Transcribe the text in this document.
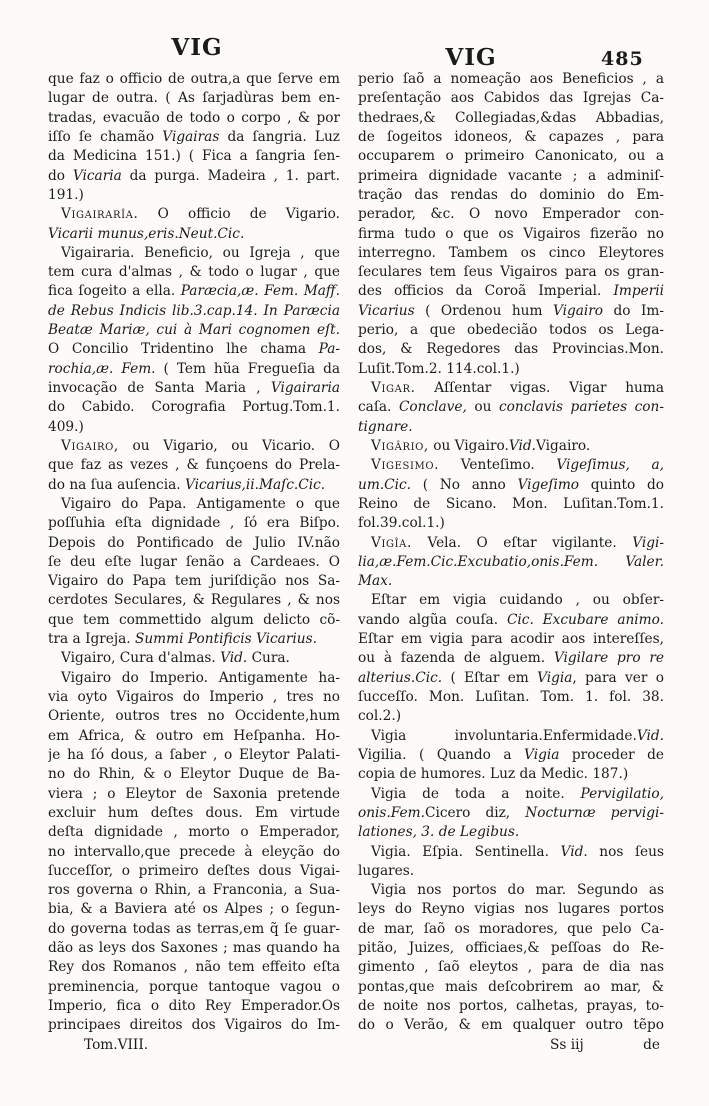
VIG	VIG	485
que faz o officio de outra,a que ſerve em
lugar de outra. ( As ſarjadùras bem en-
tradas, evacuão de todo o corpo , & por
iſſo ſe chamão Vigairas da ſangria. Luz
da Medicina 151.) ( Fica a ſangria ſen-
do Vicaria da purga. Madeira , 1. part.
191.)
Vigairarîa. O officio de Vigario.
Vicarii munus,eris.Neut.Cic.
Vigairaria. Beneficio, ou Igreja , que
tem cura d'almas , & todo o lugar , que
fica ſogeito a ella. Paræcia,æ. Fem. Maff.
de Rebus Indicis lib.3.cap.14. In Paræcia
Beatæ Mariæ, cui à Mari cognomen eſt.
O Concilio Tridentino lhe chama Pa-
rochia,æ. Fem. ( Tem hũa Fregueſia da
invocação de Santa Maria , Vigairaria
do Cabido. Corografia Portug.Tom.1.
409.)
Vigairo, ou Vigario, ou Vicario. O
que faz as vezes , & funçoens do Prela-
do na ſua auſencia. Vicarius,ii.Maſc.Cic.
Vigairo do Papa. Antigamente o que
poſſuhia eſta dignidade , ſó era Biſpo.
Depois do Pontificado de Julio IV.não
ſe deu eſte lugar ſenão a Cardeaes. O
Vigairo do Papa tem juriſdição nos Sa-
cerdotes Seculares, & Regulares , & nos
que tem commettido algum delicto cõ-
tra a Igreja. Summi Pontificis Vicarius.
Vigairo, Cura d'almas. Vid. Cura.
Vigairo do Imperio. Antigamente ha-
via oyto Vigairos do Imperio , tres no
Oriente, outros tres no Occidente,hum
em Africa, & outro em Heſpanha. Ho-
je ha ſó dous, a ſaber , o Eleytor Palati-
no do Rhin, & o Eleytor Duque de Ba-
viera ; o Eleytor de Saxonia pretende
excluir hum deſtes dous. Em virtude
deſta dignidade , morto o Emperador,
no intervallo,que precede à eleyção do
ſucceſſor, o primeiro deſtes dous Vigai-
ros governa o Rhin, a Franconia, a Sua-
bia, & a Baviera até os Alpes ; o ſegun-
do governa todas as terras,em q̃ ſe guar-
dão as leys dos Saxones ; mas quando ha
Rey dos Romanos , não tem effeito eſta
preminencia, porque tantoque vagou o
Imperio, fica o dito Rey Emperador.Os
principaes direitos dos Vigairos do Im-
Tom.VIII.
perio ſaõ a nomeação aos Beneficios , a
preſentação aos Cabidos das Igrejas Ca-
thedraes,& Collegiadas,&das Abbadias,
de ſogeitos idoneos, & capazes , para
occuparem o primeiro Canonicato, ou a
primeira dignidade vacante ; a adminiſ-
tração das rendas do dominio do Em-
perador, &c. O novo Emperador con-
firma tudo o que os Vigairos fizerão no
interregno. Tambem os cinco Eleytores
ſeculares tem ſeus Vigairos para os gran-
des officios da Coroã Imperial. Imperii
Vicarius ( Ordenou hum Vigairo do Im-
perio, a que obedecião todos os Lega-
dos, & Regedores das Provincias.Mon.
Luſit.Tom.2. 114.col.1.)
Vigar. Aſſentar vigas. Vigar huma
caſa. Conclave, ou conclavis parietes con-
tignare.
Vigârio, ou Vigairo.Vid.Vigairo.
Vigesimo. Venteſimo. Vigeſimus, a,
um.Cic. ( No anno Vigeſimo quinto do
Reino de Sicano. Mon. Luſitan.Tom.1.
fol.39.col.1.)
Vigîa. Vela. O eſtar vigilante. Vigi-
lia,æ.Fem.Cic.Excubatio,onis.Fem. Valer.
Max.
Eſtar em vigia cuidando , ou obſer-
vando algũa couſa. Cic. Excubare animo.
Eſtar em vigia para acodir aos intereſſes,
ou à fazenda de alguem. Vigilare pro re
alterius.Cic. ( Eſtar em Vigia, para ver o
ſucceſſo. Mon. Luſitan. Tom. 1. fol. 38.
col.2.)
Vigia involuntaria.Enfermidade.Vid.
Vigilia. ( Quando a Vigia proceder de
copia de humores. Luz da Medic. 187.)
Vigia de toda a noite. Pervigilatio,
onis.Fem.Cicero diz, Nocturnæ pervigi-
lationes, 3. de Legibus.
Vigia. Eſpia. Sentinella. Vid. nos ſeus
lugares.
Vigia nos portos do mar. Segundo as
leys do Reyno vigias nos lugares portos
de mar, ſaõ os moradores, que pelo Ca-
pitão, Juizes, officiaes,& peſſoas do Re-
gimento , ſaõ eleytos , para de dia nas
pontas,que mais deſcobrirem ao mar, &
de noite nos portos, calhetas, prayas, to-
do o Verão, & em qualquer outro tẽpo
Ss iij	de
